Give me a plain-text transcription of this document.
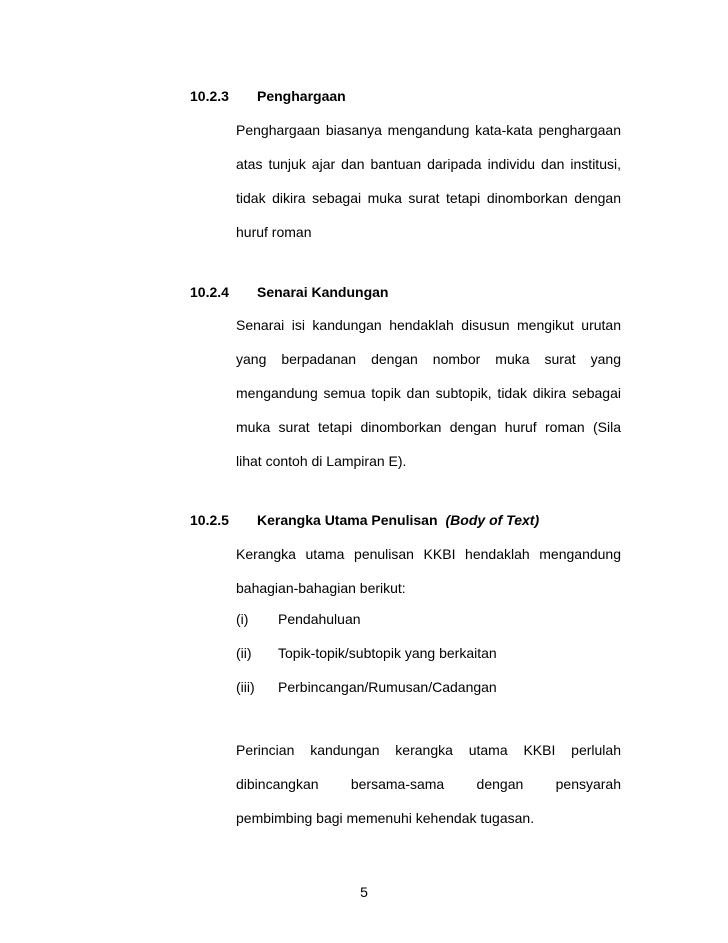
10.2.3 Penghargaan
Penghargaan biasanya mengandung kata-kata penghargaan
atas tunjuk ajar dan bantuan daripada individu dan institusi,
tidak dikira sebagai muka surat tetapi dinomborkan dengan
huruf roman
10.2.4 Senarai Kandungan
Senarai isi kandungan hendaklah disusun mengikut urutan
yang berpadanan dengan nombor muka surat yang
mengandung semua topik dan subtopik, tidak dikira sebagai
muka surat tetapi dinomborkan dengan huruf roman (Sila
lihat contoh di Lampiran E).
10.2.5 Kerangka Utama Penulisan (Body of Text)
Kerangka utama penulisan KKBI hendaklah mengandung
bahagian-bahagian berikut:
(i) Pendahuluan
(ii) Topik-topik/subtopik yang berkaitan
(iii) Perbincangan/Rumusan/Cadangan
Perincian kandungan kerangka utama KKBI perlulah
dibincangkan bersama-sama dengan pensyarah
pembimbing bagi memenuhi kehendak tugasan.
5
